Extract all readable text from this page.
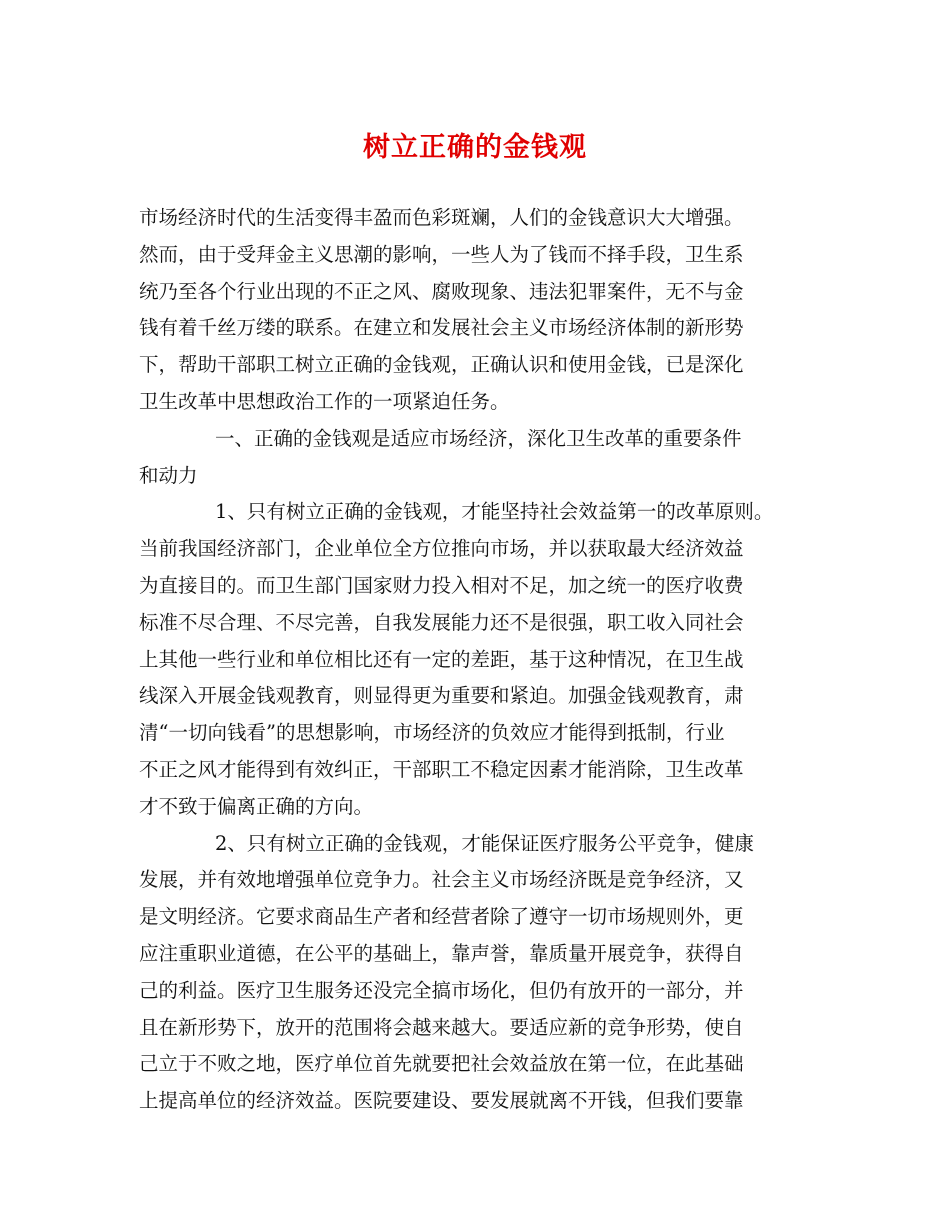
树立正确的金钱观
市场经济时代的生活变得丰盈而色彩斑斓，人们的金钱意识大大增强。
然而，由于受拜金主义思潮的影响，一些人为了钱而不择手段，卫生系
统乃至各个行业出现的不正之风、腐败现象、违法犯罪案件，无不与金
钱有着千丝万缕的联系。在建立和发展社会主义市场经济体制的新形势
下，帮助干部职工树立正确的金钱观，正确认识和使用金钱，已是深化
卫生改革中思想政治工作的一项紧迫任务。
一、正确的金钱观是适应市场经济，深化卫生改革的重要条件
和动力
1、只有树立正确的金钱观，才能坚持社会效益第一的改革原则。
当前我国经济部门，企业单位全方位推向市场，并以获取最大经济效益
为直接目的。而卫生部门国家财力投入相对不足，加之统一的医疗收费
标准不尽合理、不尽完善，自我发展能力还不是很强，职工收入同社会
上其他一些行业和单位相比还有一定的差距，基于这种情况，在卫生战
线深入开展金钱观教育，则显得更为重要和紧迫。加强金钱观教育，肃
清“一切向钱看”的思想影响，市场经济的负效应才能得到抵制，行业
不正之风才能得到有效纠正，干部职工不稳定因素才能消除，卫生改革
才不致于偏离正确的方向。
2、只有树立正确的金钱观，才能保证医疗服务公平竞争，健康
发展，并有效地增强单位竞争力。社会主义市场经济既是竞争经济，又
是文明经济。它要求商品生产者和经营者除了遵守一切市场规则外，更
应注重职业道德，在公平的基础上，靠声誉，靠质量开展竞争，获得自
己的利益。医疗卫生服务还没完全搞市场化，但仍有放开的一部分，并
且在新形势下，放开的范围将会越来越大。要适应新的竞争形势，使自
己立于不败之地，医疗单位首先就要把社会效益放在第一位，在此基础
上提高单位的经济效益。医院要建设、要发展就离不开钱，但我们要靠
